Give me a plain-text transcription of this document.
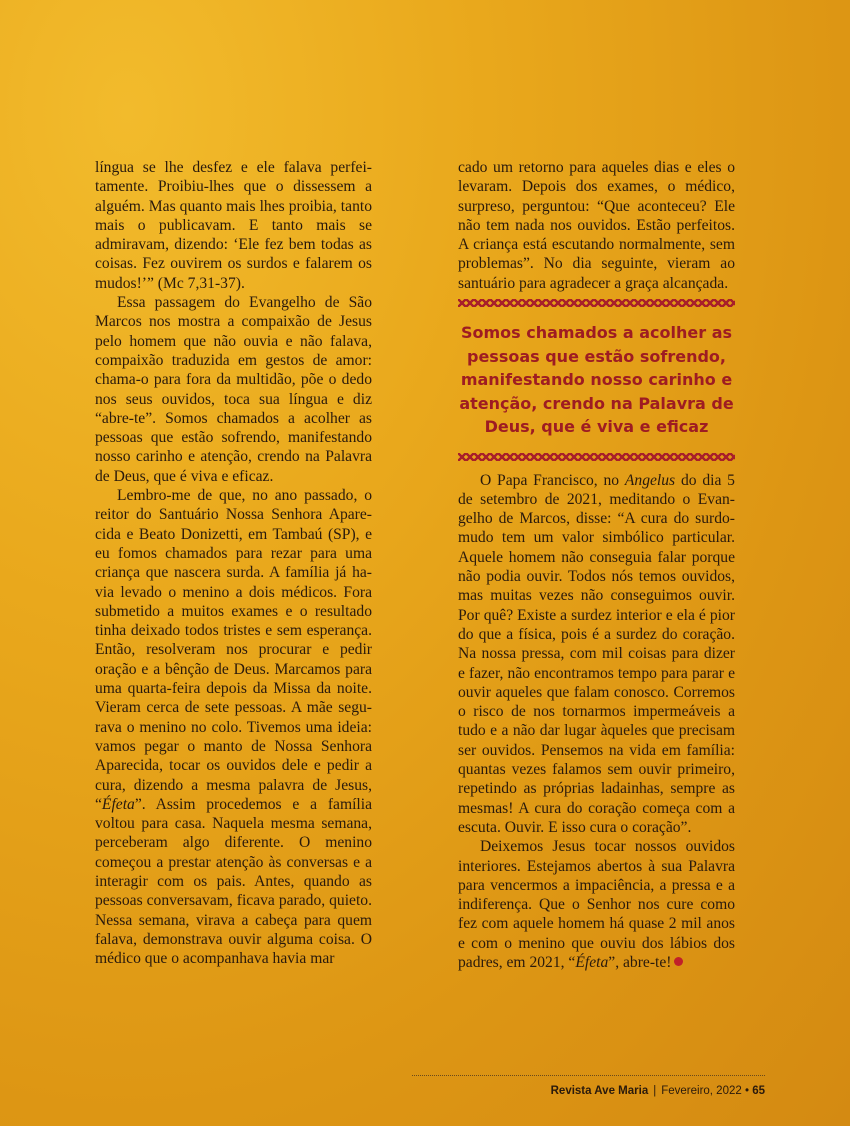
língua se lhe desfez e ele falava perfeitamente. Proibiu-lhes que o dissessem a alguém. Mas quanto mais lhes proibia, tanto mais o publicavam. E tanto mais se admiravam, dizendo: ‘Ele fez bem todas as coisas. Fez ouvirem os surdos e falarem os mudos!’” (Mc 7,31-37).

Essa passagem do Evangelho de São Marcos nos mostra a compaixão de Jesus pelo homem que não ouvia e não falava, compaixão traduzida em gestos de amor: chama-o para fora da multidão, põe o dedo nos seus ouvidos, toca sua língua e diz “abre-te”. Somos chamados a acolher as pessoas que estão sofrendo, manifestando nosso carinho e atenção, crendo na Palavra de Deus, que é viva e eficaz.

Lembro-me de que, no ano passado, o reitor do Santuário Nossa Senhora Aparecida e Beato Donizetti, em Tambaú (SP), e eu fomos chamados para rezar para uma criança que nascera surda. A família já havia levado o menino a dois médicos. Fora submetido a muitos exames e o resultado tinha deixado todos tristes e sem esperança. Então, resolveram nos procurar e pedir oração e a bênção de Deus. Marcamos para uma quarta-feira depois da Missa da noite. Vieram cerca de sete pessoas. A mãe segurava o menino no colo. Tivemos uma ideia: vamos pegar o manto de Nossa Senhora Aparecida, tocar os ouvidos dele e pedir a cura, dizendo a mesma palavra de Jesus, “Éfeta”. Assim procedemos e a família voltou para casa. Naquela mesma semana, perceberam algo diferente. O menino começou a prestar atenção às conversas e a interagir com os pais. Antes, quando as pessoas conversavam, ficava parado, quieto. Nessa semana, virava a cabeça para quem falava, demonstrava ouvir alguma coisa. O médico que o acompanhava havia mar

cado um retorno para aqueles dias e eles o levaram. Depois dos exames, o médico, surpreso, perguntou: “Que aconteceu? Ele não tem nada nos ouvidos. Estão perfeitos. A criança está escutando normalmente, sem problemas”. No dia seguinte, vieram ao santuário para agradecer a graça alcançada.

Somos chamados a acolher as pessoas que estão sofrendo, manifestando nosso carinho e atenção, crendo na Palavra de Deus, que é viva e eficaz

O Papa Francisco, no Angelus do dia 5 de setembro de 2021, meditando o Evangelho de Marcos, disse: “A cura do surdo-mudo tem um valor simbólico particular. Aquele homem não conseguia falar porque não podia ouvir. Todos nós temos ouvidos, mas muitas vezes não conseguimos ouvir. Por quê? Existe a surdez interior e ela é pior do que a física, pois é a surdez do coração. Na nossa pressa, com mil coisas para dizer e fazer, não encontramos tempo para parar e ouvir aqueles que falam conosco. Corremos o risco de nos tornarmos impermeáveis a tudo e a não dar lugar àqueles que precisam ser ouvidos. Pensemos na vida em família: quantas vezes falamos sem ouvir primeiro, repetindo as próprias ladainhas, sempre as mesmas! A cura do coração começa com a escuta. Ouvir. E isso cura o coração”.

Deixemos Jesus tocar nossos ouvidos interiores. Estejamos abertos à sua Palavra para vencermos a impaciência, a pressa e a indiferença. Que o Senhor nos cure como fez com aquele homem há quase 2 mil anos e com o menino que ouviu dos lábios dos padres, em 2021, “Éfeta”, abre-te!

Revista Ave Maria | Fevereiro, 2022 • 65
